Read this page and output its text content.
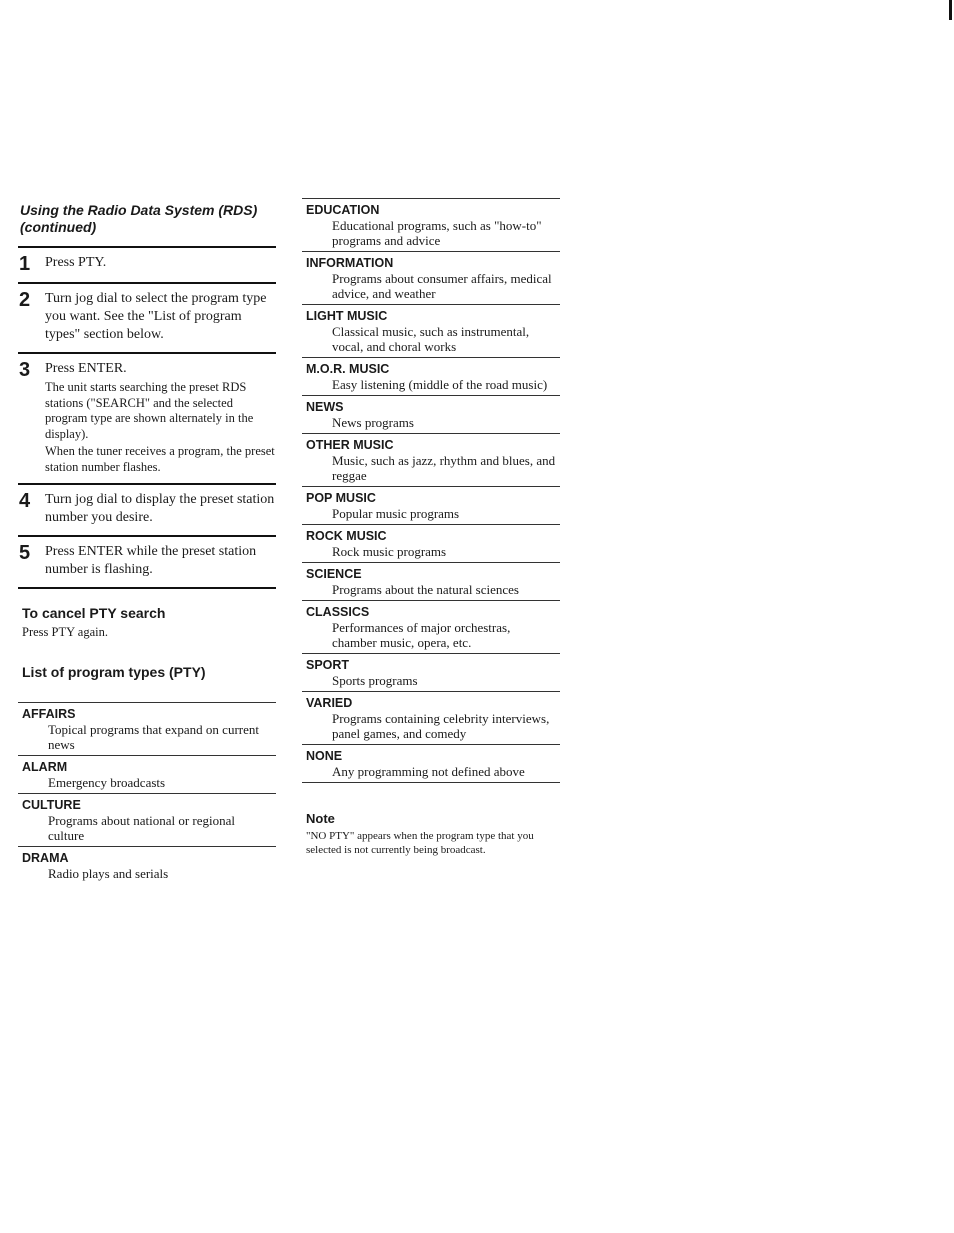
Using the Radio Data System (RDS) (continued)
1	Press PTY.
2	Turn jog dial to select the program type you want. See the "List of program types" section below.
3	Press ENTER.
The unit starts searching the preset RDS stations ("SEARCH" and the selected program type are shown alternately in the display).
When the tuner receives a program, the preset station number flashes.
4	Turn jog dial to display the preset station number you desire.
5	Press ENTER while the preset station number is flashing.
To cancel PTY search
Press PTY again.
List of program types (PTY)
AFFAIRS
Topical programs that expand on current news
ALARM
Emergency broadcasts
CULTURE
Programs about national or regional culture
DRAMA
Radio plays and serials
EDUCATION
Educational programs, such as "how-to" programs and advice
INFORMATION
Programs about consumer affairs, medical advice, and weather
LIGHT MUSIC
Classical music, such as instrumental, vocal, and choral works
M.O.R. MUSIC
Easy listening (middle of the road music)
NEWS
News programs
OTHER MUSIC
Music, such as jazz, rhythm and blues, and reggae
POP MUSIC
Popular music programs
ROCK MUSIC
Rock music programs
SCIENCE
Programs about the natural sciences
CLASSICS
Performances of major orchestras, chamber music, opera, etc.
SPORT
Sports programs
VARIED
Programs containing celebrity interviews, panel games, and comedy
NONE
Any programming not defined above
Note
"NO PTY" appears when the program type that you selected is not currently being broadcast.
